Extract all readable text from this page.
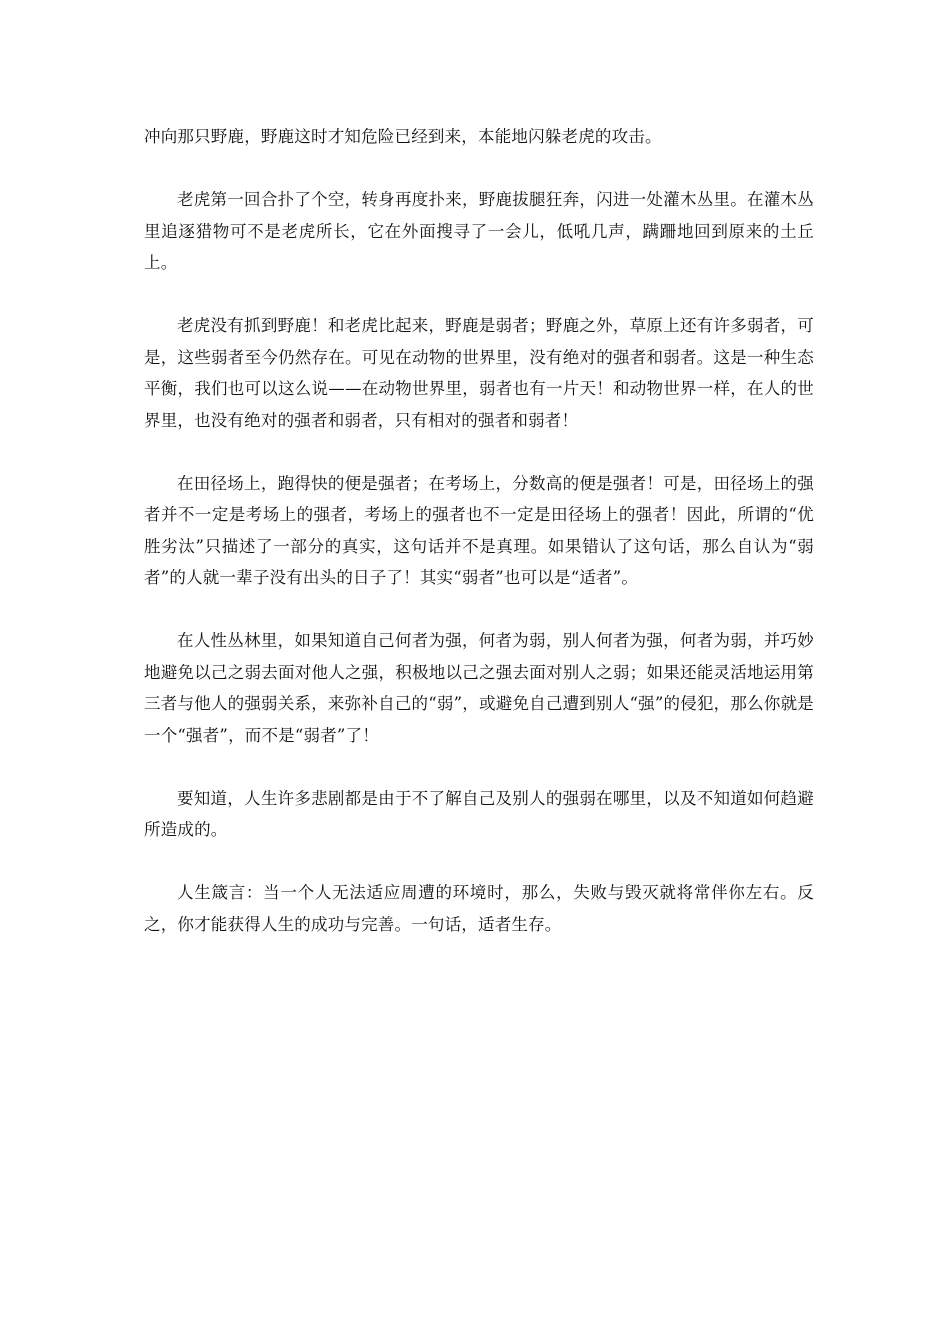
冲向那只野鹿，野鹿这时才知危险已经到来，本能地闪躲老虎的攻击。

老虎第一回合扑了个空，转身再度扑来，野鹿拔腿狂奔，闪进一处灌木丛里。在灌木丛里追逐猎物可不是老虎所长，它在外面搜寻了一会儿，低吼几声，蹒跚地回到原来的土丘上。

老虎没有抓到野鹿！和老虎比起来，野鹿是弱者；野鹿之外，草原上还有许多弱者，可是，这些弱者至今仍然存在。可见在动物的世界里，没有绝对的强者和弱者。这是一种生态平衡，我们也可以这么说——在动物世界里，弱者也有一片天！和动物世界一样，在人的世界里，也没有绝对的强者和弱者，只有相对的强者和弱者！

在田径场上，跑得快的便是强者；在考场上，分数高的便是强者！可是，田径场上的强者并不一定是考场上的强者，考场上的强者也不一定是田径场上的强者！因此，所谓的“优胜劣汰”只描述了一部分的真实，这句话并不是真理。如果错认了这句话，那么自认为“弱者”的人就一辈子没有出头的日子了！其实“弱者”也可以是“适者”。

在人性丛林里，如果知道自己何者为强，何者为弱，别人何者为强，何者为弱，并巧妙地避免以己之弱去面对他人之强，积极地以己之强去面对别人之弱；如果还能灵活地运用第三者与他人的强弱关系，来弥补自己的“弱”，或避免自己遭到别人“强”的侵犯，那么你就是一个“强者”，而不是“弱者”了！

要知道，人生许多悲剧都是由于不了解自己及别人的强弱在哪里，以及不知道如何趋避所造成的。

人生箴言：当一个人无法适应周遭的环境时，那么，失败与毁灭就将常伴你左右。反之，你才能获得人生的成功与完善。一句话，适者生存。
